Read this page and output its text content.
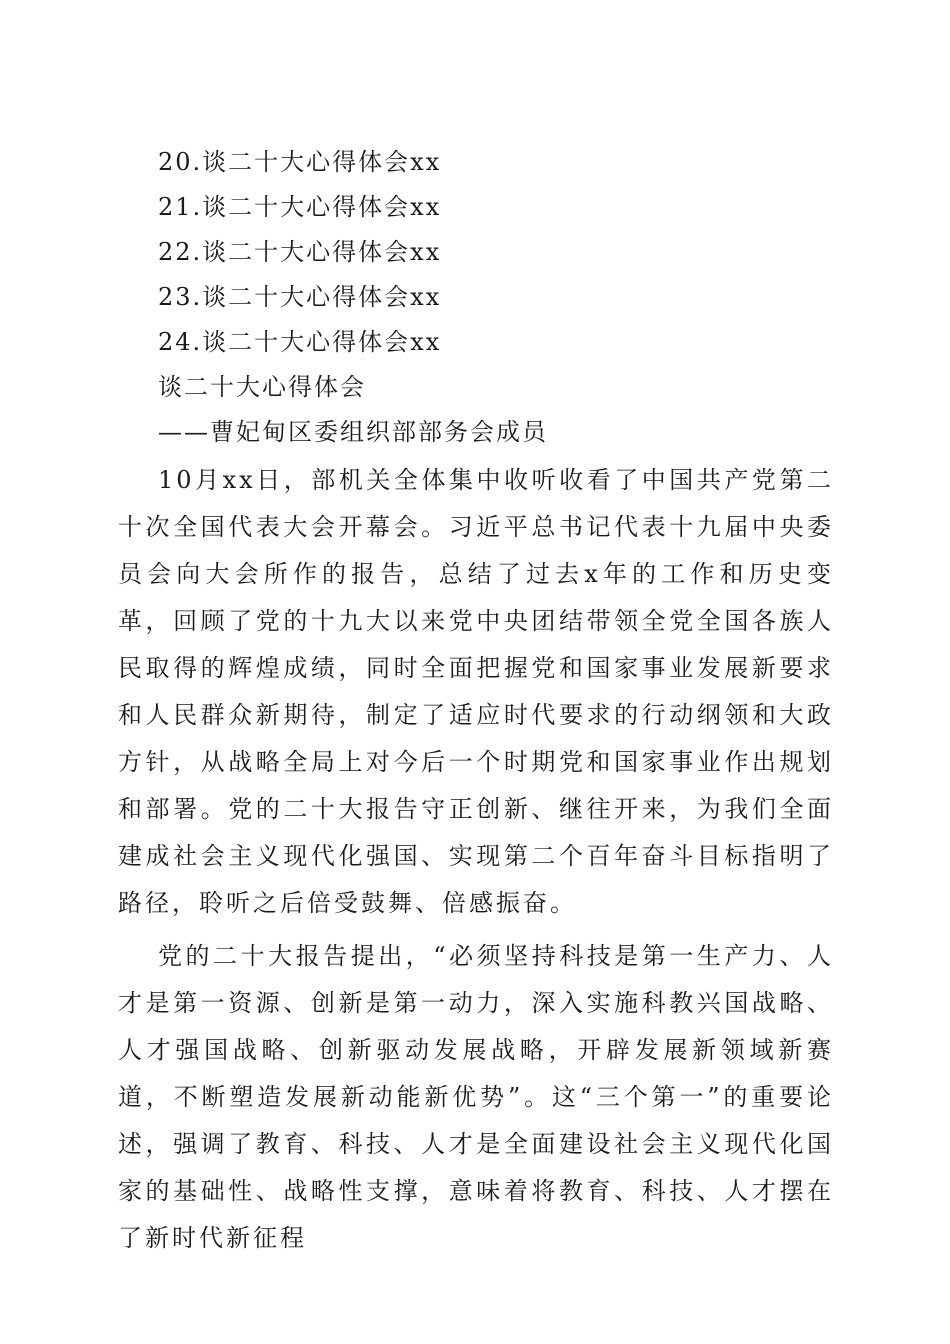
20.谈二十大心得体会xx
21.谈二十大心得体会xx
22.谈二十大心得体会xx
23.谈二十大心得体会xx
24.谈二十大心得体会xx
谈二十大心得体会
——曹妃甸区委组织部部务会成员

10月xx日，部机关全体集中收听收看了中国共产党第二十次全国代表大会开幕会。习近平总书记代表十九届中央委员会向大会所作的报告，总结了过去x年的工作和历史变革，回顾了党的十九大以来党中央团结带领全党全国各族人民取得的辉煌成绩，同时全面把握党和国家事业发展新要求和人民群众新期待，制定了适应时代要求的行动纲领和大政方针，从战略全局上对今后一个时期党和国家事业作出规划和部署。党的二十大报告守正创新、继往开来，为我们全面建成社会主义现代化强国、实现第二个百年奋斗目标指明了路径，聆听之后倍受鼓舞、倍感振奋。

党的二十大报告提出，“必须坚持科技是第一生产力、人才是第一资源、创新是第一动力，深入实施科教兴国战略、人才强国战略、创新驱动发展战略，开辟发展新领域新赛道，不断塑造发展新动能新优势”。这“三个第一”的重要论述，强调了教育、科技、人才是全面建设社会主义现代化国家的基础性、战略性支撑，意味着将教育、科技、人才摆在了新时代新征程
